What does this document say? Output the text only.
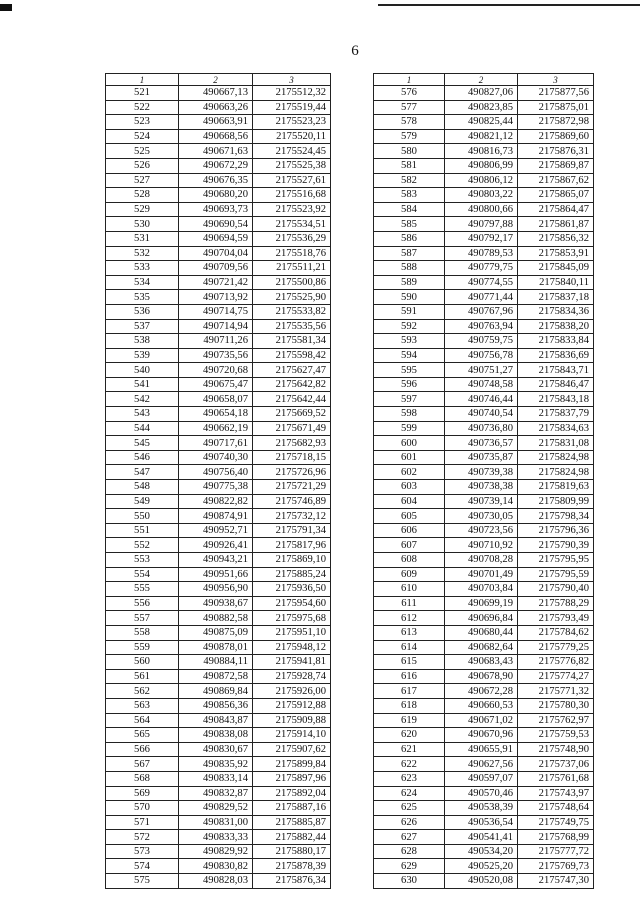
6
1	2	3
521	490667,13	2175512,32
522	490663,26	2175519,44
523	490663,91	2175523,23
524	490668,56	2175520,11
525	490671,63	2175524,45
526	490672,29	2175525,38
527	490676,35	2175527,61
528	490680,20	2175516,68
529	490693,73	2175523,92
530	490690,54	2175534,51
531	490694,59	2175536,29
532	490704,04	2175518,76
533	490709,56	2175511,21
534	490721,42	2175500,86
535	490713,92	2175525,90
536	490714,75	2175533,82
537	490714,94	2175535,56
538	490711,26	2175581,34
539	490735,56	2175598,42
540	490720,68	2175627,47
541	490675,47	2175642,82
542	490658,07	2175642,44
543	490654,18	2175669,52
544	490662,19	2175671,49
545	490717,61	2175682,93
546	490740,30	2175718,15
547	490756,40	2175726,96
548	490775,38	2175721,29
549	490822,82	2175746,89
550	490874,91	2175732,12
551	490952,71	2175791,34
552	490926,41	2175817,96
553	490943,21	2175869,10
554	490951,66	2175885,24
555	490956,90	2175936,50
556	490938,67	2175954,60
557	490882,58	2175975,68
558	490875,09	2175951,10
559	490878,01	2175948,12
560	490884,11	2175941,81
561	490872,58	2175928,74
562	490869,84	2175926,00
563	490856,36	2175912,88
564	490843,87	2175909,88
565	490838,08	2175914,10
566	490830,67	2175907,62
567	490835,92	2175899,84
568	490833,14	2175897,96
569	490832,87	2175892,04
570	490829,52	2175887,16
571	490831,00	2175885,87
572	490833,33	2175882,44
573	490829,92	2175880,17
574	490830,82	2175878,39
575	490828,03	2175876,34
1	2	3
576	490827,06	2175877,56
577	490823,85	2175875,01
578	490825,44	2175872,98
579	490821,12	2175869,60
580	490816,73	2175876,31
581	490806,99	2175869,87
582	490806,12	2175867,62
583	490803,22	2175865,07
584	490800,66	2175864,47
585	490797,88	2175861,87
586	490792,17	2175856,32
587	490789,53	2175853,91
588	490779,75	2175845,09
589	490774,55	2175840,11
590	490771,44	2175837,18
591	490767,96	2175834,36
592	490763,94	2175838,20
593	490759,75	2175833,84
594	490756,78	2175836,69
595	490751,27	2175843,71
596	490748,58	2175846,47
597	490746,44	2175843,18
598	490740,54	2175837,79
599	490736,80	2175834,63
600	490736,57	2175831,08
601	490735,87	2175824,98
602	490739,38	2175824,98
603	490738,38	2175819,63
604	490739,14	2175809,99
605	490730,05	2175798,34
606	490723,56	2175796,36
607	490710,92	2175790,39
608	490708,28	2175795,95
609	490701,49	2175795,59
610	490703,84	2175790,40
611	490699,19	2175788,29
612	490696,84	2175793,49
613	490680,44	2175784,62
614	490682,64	2175779,25
615	490683,43	2175776,82
616	490678,90	2175774,27
617	490672,28	2175771,32
618	490660,53	2175780,30
619	490671,02	2175762,97
620	490670,96	2175759,53
621	490655,91	2175748,90
622	490627,56	2175737,06
623	490597,07	2175761,68
624	490570,46	2175743,97
625	490538,39	2175748,64
626	490536,54	2175749,75
627	490541,41	2175768,99
628	490534,20	2175777,72
629	490525,20	2175769,73
630	490520,08	2175747,30
